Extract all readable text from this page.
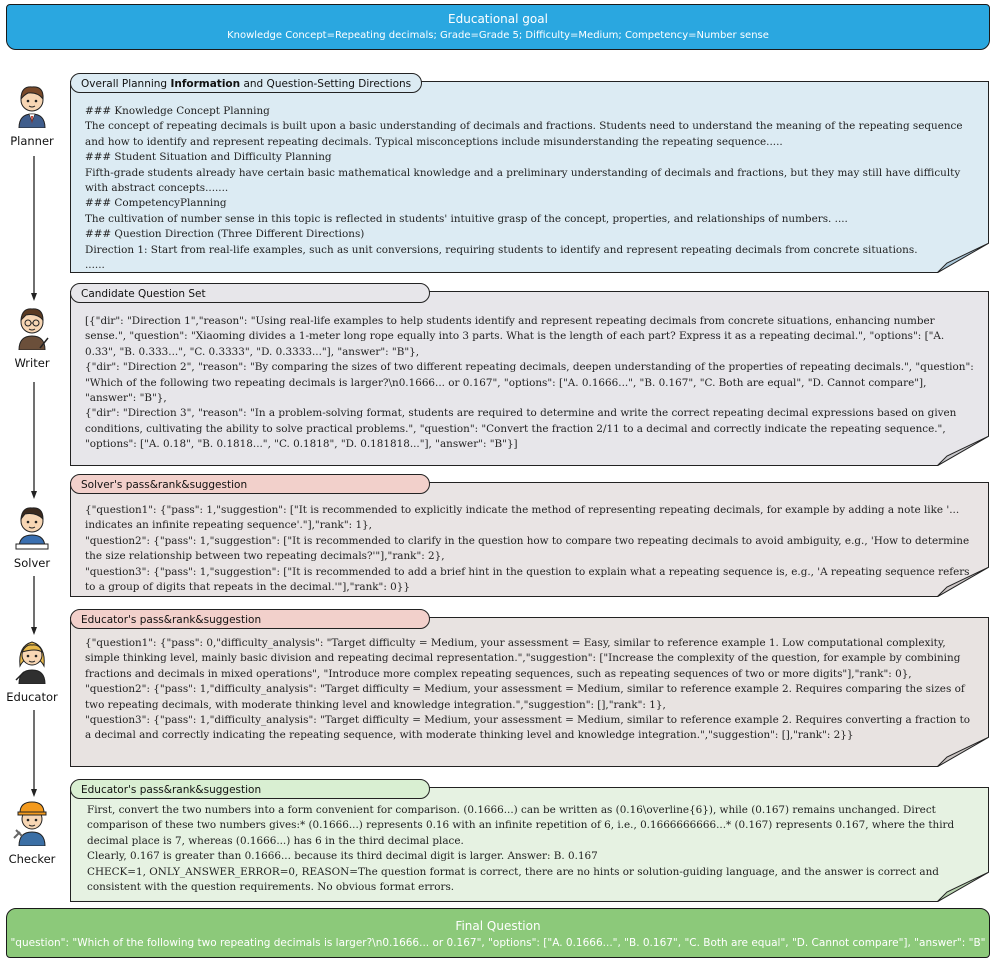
Educational goal
Knowledge Concept=Repeating decimals; Grade=Grade 5; Difficulty=Medium; Competency=Number sense
Planner
Writer
Solver
Educator
Checker

### Knowledge Concept Planning

The concept of repeating decimals is built upon a basic understanding of decimals and fractions. Students need to understand the meaning of the repeating sequence and how to identify and represent repeating decimals. Typical misconceptions include misunderstanding the repeating sequence.....

### Student Situation and Difficulty Planning

Fifth-grade students already have certain basic mathematical knowledge and a preliminary understanding of decimals and fractions, but they may still have difficulty with abstract concepts.......

### CompetencyPlanning

The cultivation of number sense in this topic is reflected in students' intuitive grasp of the concept, properties, and relationships of numbers. ....

### Question Direction (Three Different Directions)

Direction 1: Start from real-life examples, such as unit conversions, requiring students to identify and represent repeating decimals from concrete situations.

......

Overall Planning Information and Question-Setting Directions

[{"dir": "Direction 1","reason": "Using real-life examples to help students identify and represent repeating decimals from concrete situations, enhancing number sense.", "question": "Xiaoming divides a 1-meter long rope equally into 3 parts. What is the length of each part? Express it as a repeating decimal.", "options": ["A. 0.33", "B. 0.333...", "C. 0.3333", "D. 0.3333..."], "answer": "B"},

{"dir": "Direction 2", "reason": "By comparing the sizes of two different repeating decimals, deepen understanding of the properties of repeating decimals.", "question": "Which of the following two repeating decimals is larger?\n0.1666... or 0.167", "options": ["A. 0.1666...", "B. 0.167", "C. Both are equal", "D. Cannot compare"], "answer": "B"},

{"dir": "Direction 3", "reason": "In a problem-solving format, students are required to determine and write the correct repeating decimal expressions based on given conditions, cultivating the ability to solve practical problems.", "question": "Convert the fraction 2/11 to a decimal and correctly indicate the repeating sequence.", "options": ["A. 0.18", "B. 0.1818...", "C. 0.1818", "D. 0.181818..."], "answer": "B"}]

Candidate Question Set

{"question1": {"pass": 1,"suggestion": ["It is recommended to explicitly indicate the method of representing repeating decimals, for example by adding a note like '... indicates an infinite repeating sequence'."],"rank": 1},

"question2": {"pass": 1,"suggestion": ["It is recommended to clarify in the question how to compare two repeating decimals to avoid ambiguity, e.g., 'How to determine the size relationship between two repeating decimals?'"],"rank": 2},

"question3": {"pass": 1,"suggestion": ["It is recommended to add a brief hint in the question to explain what a repeating sequence is, e.g., 'A repeating sequence refers to a group of digits that repeats in the decimal.'"],"rank": 0}}

Solver's pass&rank&suggestion

{"question1": {"pass": 0,"difficulty_analysis": "Target difficulty = Medium, your assessment = Easy, similar to reference example 1. Low computational complexity, simple thinking level, mainly basic division and repeating decimal representation.","suggestion": ["Increase the complexity of the question, for example by combining fractions and decimals in mixed operations", "Introduce more complex repeating sequences, such as repeating sequences of two or more digits"],"rank": 0},

"question2": {"pass": 1,"difficulty_analysis": "Target difficulty = Medium, your assessment = Medium, similar to reference example 2. Requires comparing the sizes of two repeating decimals, with moderate thinking level and knowledge integration.","suggestion": [],"rank": 1},

"question3": {"pass": 1,"difficulty_analysis": "Target difficulty = Medium, your assessment = Medium, similar to reference example 2. Requires converting a fraction to a decimal and correctly indicating the repeating sequence, with moderate thinking level and knowledge integration.","suggestion": [],"rank": 2}}

Educator's pass&rank&suggestion

First, convert the two numbers into a form convenient for comparison. (0.1666...) can be written as (0.16\overline{6}), while (0.167) remains unchanged. Direct comparison of these two numbers gives:* (0.1666...) represents 0.16 with an infinite repetition of 6, i.e., 0.1666666666...* (0.167) represents 0.167, where the third decimal place is 7, whereas (0.1666...) has 6 in the third decimal place.

Clearly, 0.167 is greater than 0.1666... because its third decimal digit is larger. Answer: B. 0.167

CHECK=1, ONLY_ANSWER_ERROR=0, REASON=The question format is correct, there are no hints or solution-guiding language, and the answer is correct and consistent with the question requirements. No obvious format errors.

Educator's pass&rank&suggestion
Final Question
"question": "Which of the following two repeating decimals is larger?\n0.1666... or 0.167", "options": ["A. 0.1666...", "B. 0.167", "C. Both are equal", "D. Cannot compare"], "answer": "B"
